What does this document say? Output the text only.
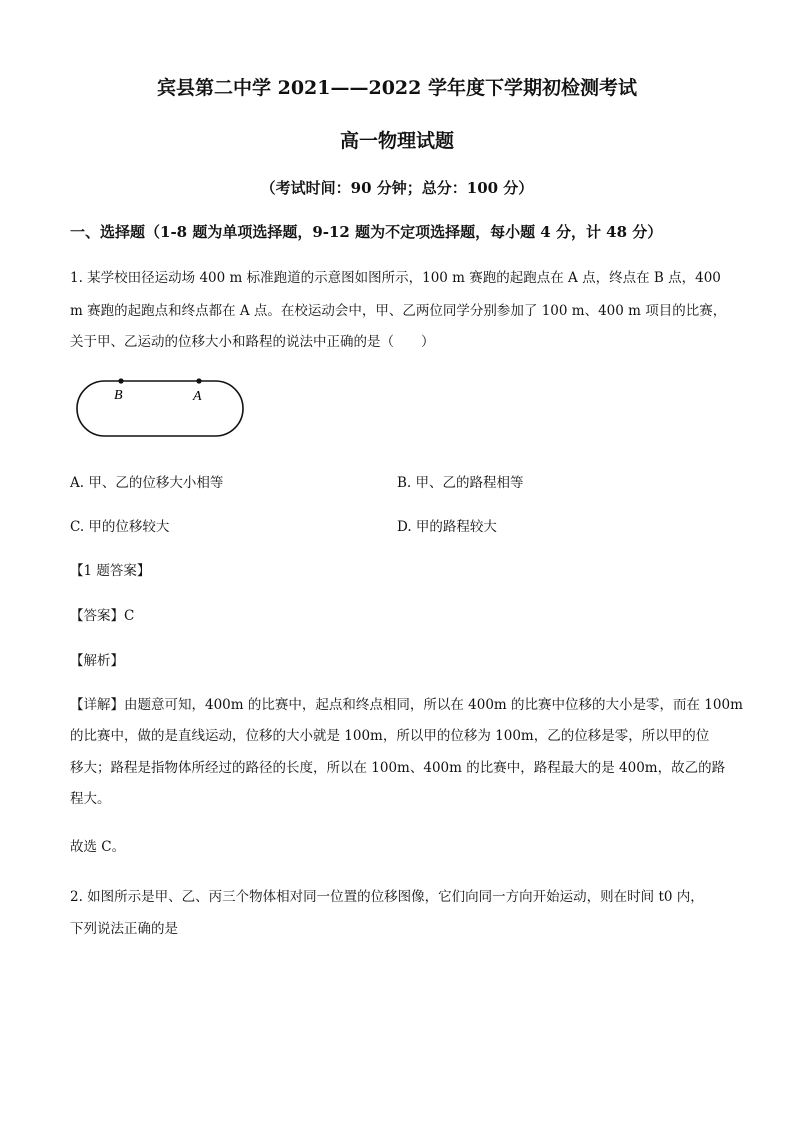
宾县第二中学 2021——2022 学年度下学期初检测考试
高一物理试题
（考试时间：90 分钟；总分：100 分）
一、选择题（1-8 题为单项选择题，9-12 题为不定项选择题，每小题 4 分，计 48 分）
1. 某学校田径运动场 400 m 标准跑道的示意图如图所示，100 m 赛跑的起跑点在 A 点，终点在 B 点，400
m 赛跑的起跑点和终点都在 A 点。在校运动会中，甲、乙两位同学分别参加了 100 m、400 m 项目的比赛，
关于甲、乙运动的位移大小和路程的说法中正确的是（　　）
B	A
A. 甲、乙的位移大小相等	B. 甲、乙的路程相等
C. 甲的位移较大	D. 甲的路程较大
【1 题答案】
【答案】C
【解析】
【详解】由题意可知，400m 的比赛中，起点和终点相同，所以在 400m 的比赛中位移的大小是零，而在 100m
的比赛中，做的是直线运动，位移的大小就是 100m，所以甲的位移为 100m，乙的位移是零，所以甲的位
移大；路程是指物体所经过的路径的长度，所以在 100m、400m 的比赛中，路程最大的是 400m，故乙的路
程大。
故选 C。
2. 如图所示是甲、乙、丙三个物体相对同一位置的位移图像，它们向同一方向开始运动，则在时间 t0 内，
下列说法正确的是
